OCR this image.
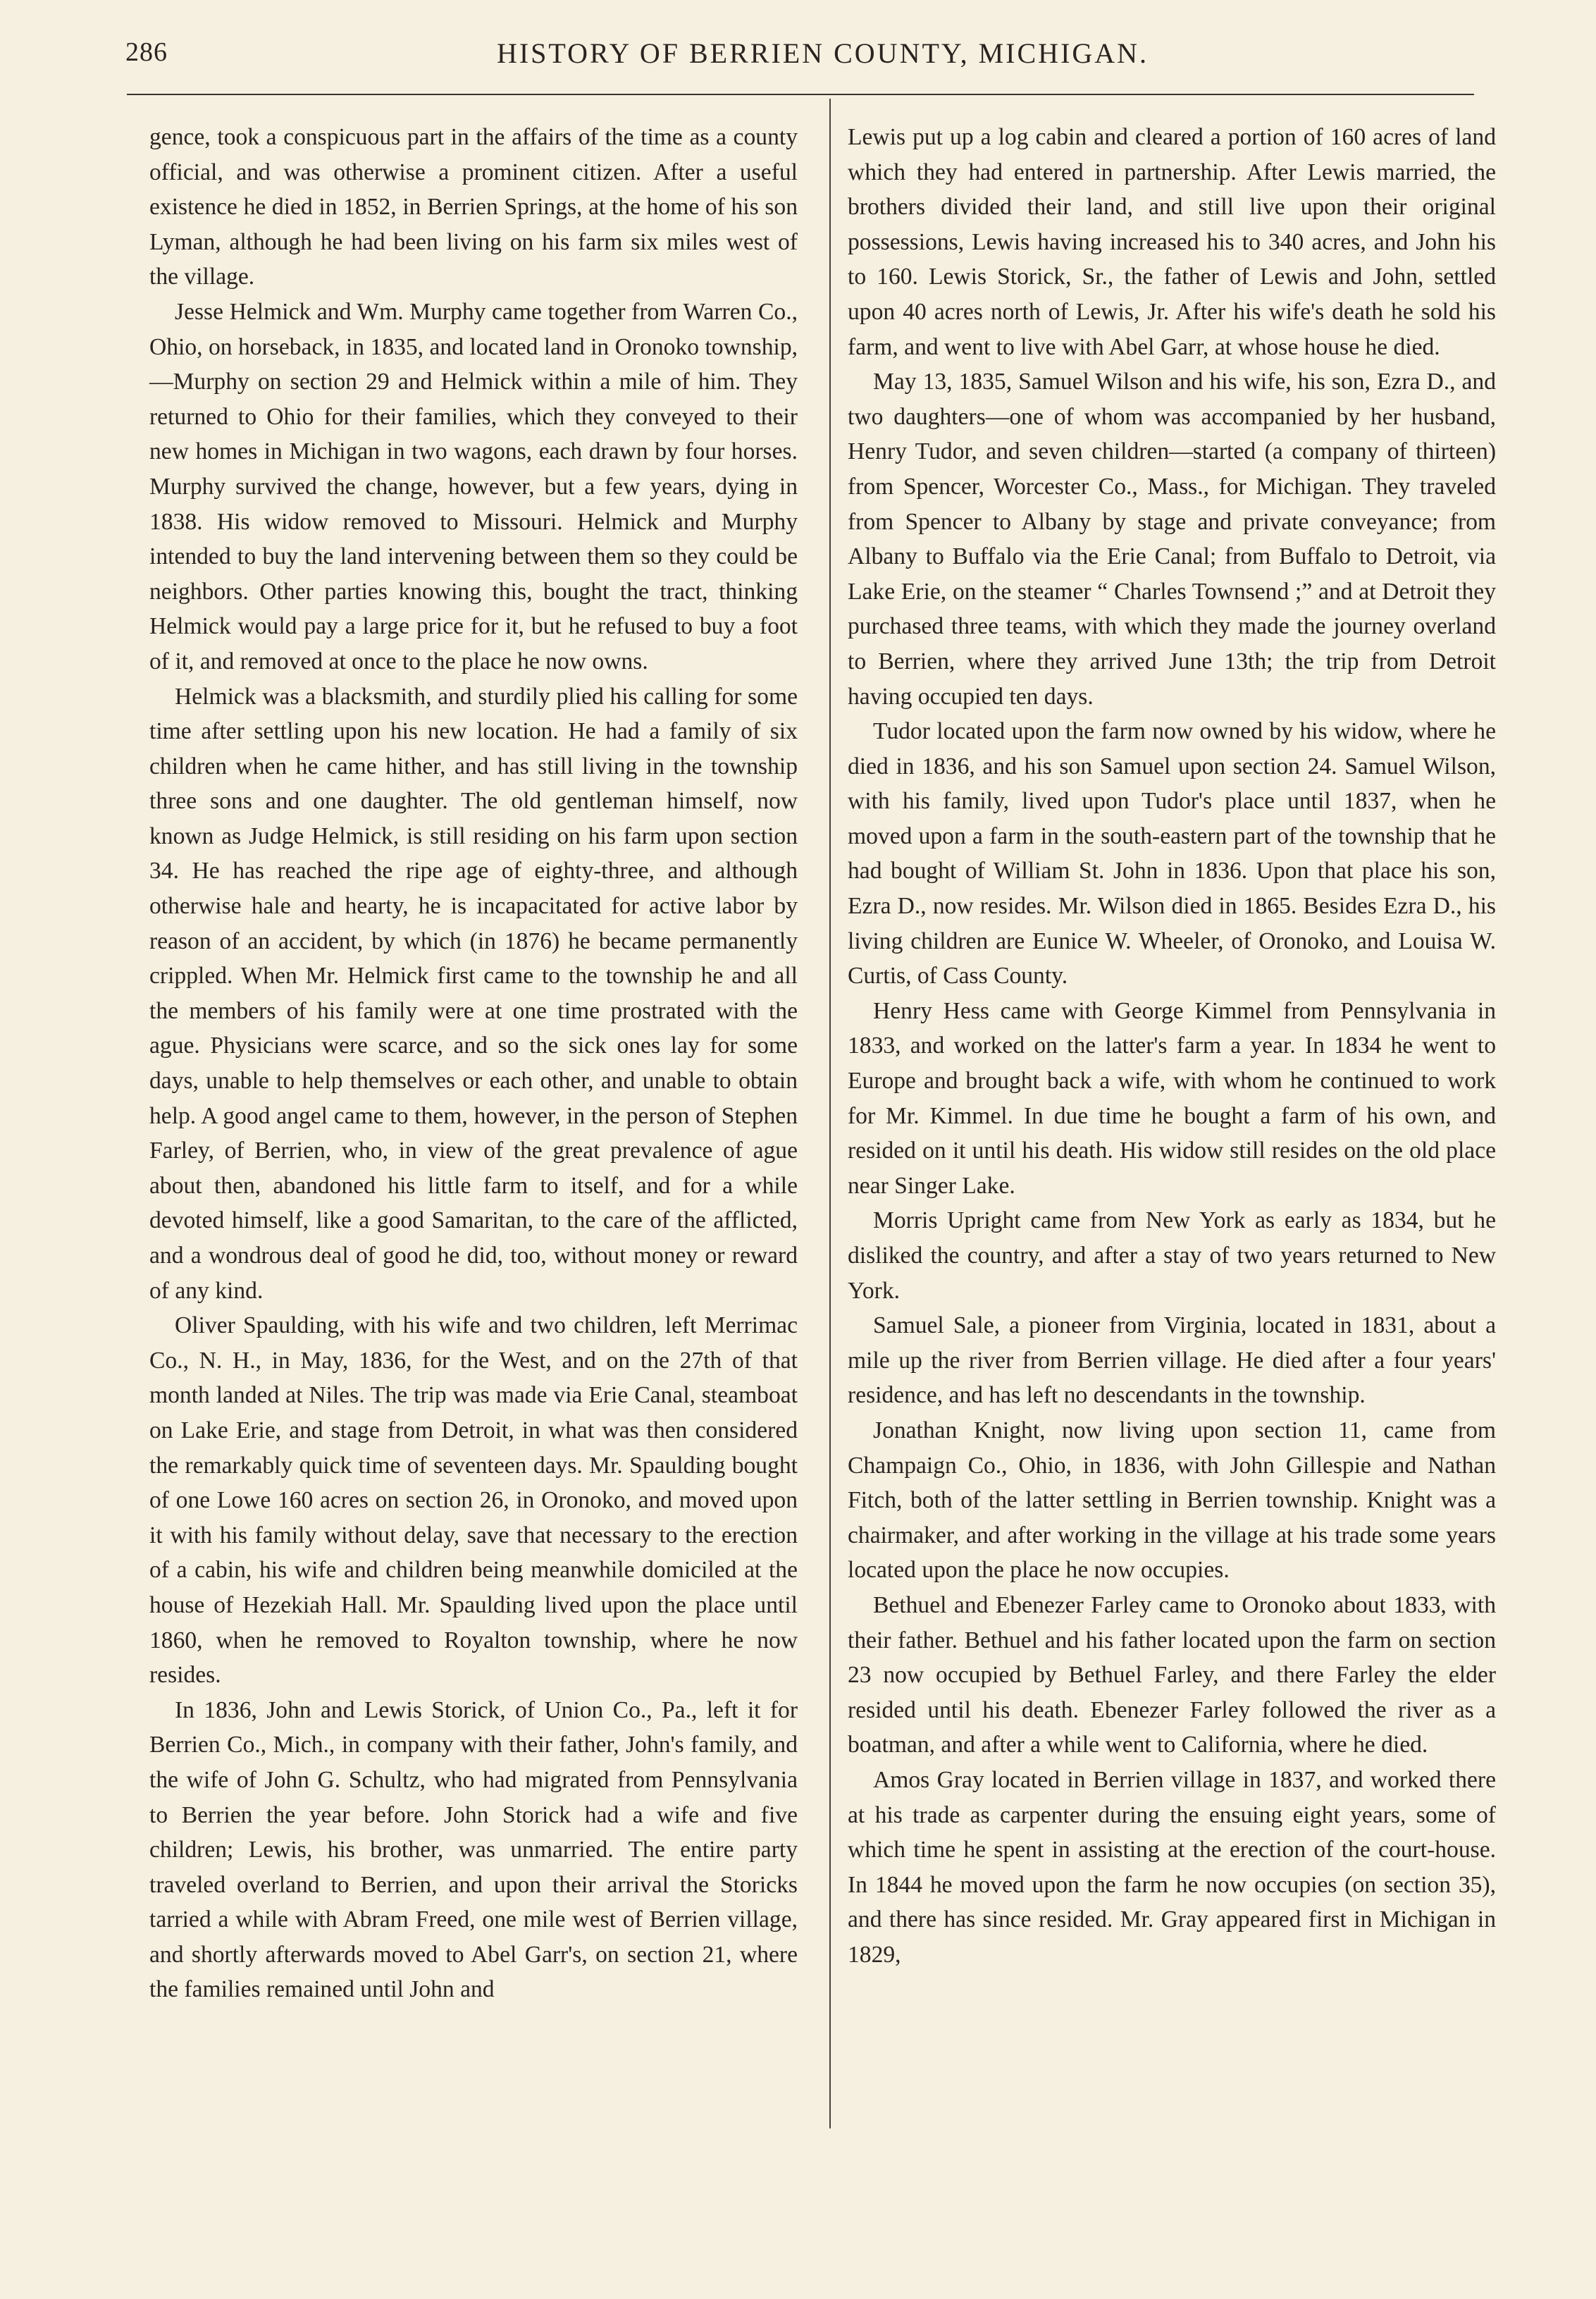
286	HISTORY OF BERRIEN COUNTY, MICHIGAN.

gence, took a conspicuous part in the affairs of the time as a county official, and was otherwise a prominent citizen. After a useful existence he died in 1852, in Berrien Springs, at the home of his son Lyman, although he had been living on his farm six miles west of the village.

Jesse Helmick and Wm. Murphy came together from Warren Co., Ohio, on horseback, in 1835, and located land in Oronoko township,—Murphy on section 29 and Helmick within a mile of him. They returned to Ohio for their families, which they conveyed to their new homes in Michigan in two wagons, each drawn by four horses. Murphy survived the change, however, but a few years, dying in 1838. His widow removed to Missouri. Helmick and Murphy intended to buy the land intervening between them so they could be neighbors. Other parties knowing this, bought the tract, thinking Helmick would pay a large price for it, but he refused to buy a foot of it, and removed at once to the place he now owns.

Helmick was a blacksmith, and sturdily plied his calling for some time after settling upon his new location. He had a family of six children when he came hither, and has still living in the township three sons and one daughter. The old gentleman himself, now known as Judge Helmick, is still residing on his farm upon section 34. He has reached the ripe age of eighty-three, and although otherwise hale and hearty, he is incapacitated for active labor by reason of an accident, by which (in 1876) he became permanently crippled. When Mr. Helmick first came to the township he and all the members of his family were at one time prostrated with the ague. Physicians were scarce, and so the sick ones lay for some days, unable to help themselves or each other, and unable to obtain help. A good angel came to them, however, in the person of Stephen Farley, of Berrien, who, in view of the great prevalence of ague about then, abandoned his little farm to itself, and for a while devoted himself, like a good Samaritan, to the care of the afflicted, and a wondrous deal of good he did, too, without money or reward of any kind.

Oliver Spaulding, with his wife and two children, left Merrimac Co., N. H., in May, 1836, for the West, and on the 27th of that month landed at Niles. The trip was made via Erie Canal, steamboat on Lake Erie, and stage from Detroit, in what was then considered the remarkably quick time of seventeen days. Mr. Spaulding bought of one Lowe 160 acres on section 26, in Oronoko, and moved upon it with his family without delay, save that necessary to the erection of a cabin, his wife and children being meanwhile domiciled at the house of Hezekiah Hall. Mr. Spaulding lived upon the place until 1860, when he removed to Royalton township, where he now resides.

In 1836, John and Lewis Storick, of Union Co., Pa., left it for Berrien Co., Mich., in company with their father, John's family, and the wife of John G. Schultz, who had migrated from Pennsylvania to Berrien the year before. John Storick had a wife and five children; Lewis, his brother, was unmarried. The entire party traveled overland to Berrien, and upon their arrival the Storicks tarried a while with Abram Freed, one mile west of Berrien village, and shortly afterwards moved to Abel Garr's, on section 21, where the families remained until John and

Lewis put up a log cabin and cleared a portion of 160 acres of land which they had entered in partnership. After Lewis married, the brothers divided their land, and still live upon their original possessions, Lewis having increased his to 340 acres, and John his to 160. Lewis Storick, Sr., the father of Lewis and John, settled upon 40 acres north of Lewis, Jr. After his wife's death he sold his farm, and went to live with Abel Garr, at whose house he died.

May 13, 1835, Samuel Wilson and his wife, his son, Ezra D., and two daughters—one of whom was accompanied by her husband, Henry Tudor, and seven children—started (a company of thirteen) from Spencer, Worcester Co., Mass., for Michigan. They traveled from Spencer to Albany by stage and private conveyance; from Albany to Buffalo via the Erie Canal; from Buffalo to Detroit, via Lake Erie, on the steamer “ Charles Townsend ;” and at Detroit they purchased three teams, with which they made the journey overland to Berrien, where they arrived June 13th; the trip from Detroit having occupied ten days.

Tudor located upon the farm now owned by his widow, where he died in 1836, and his son Samuel upon section 24. Samuel Wilson, with his family, lived upon Tudor's place until 1837, when he moved upon a farm in the south-eastern part of the township that he had bought of William St. John in 1836. Upon that place his son, Ezra D., now resides. Mr. Wilson died in 1865. Besides Ezra D., his living children are Eunice W. Wheeler, of Oronoko, and Louisa W. Curtis, of Cass County.

Henry Hess came with George Kimmel from Pennsylvania in 1833, and worked on the latter's farm a year. In 1834 he went to Europe and brought back a wife, with whom he continued to work for Mr. Kimmel. In due time he bought a farm of his own, and resided on it until his death. His widow still resides on the old place near Singer Lake.

Morris Upright came from New York as early as 1834, but he disliked the country, and after a stay of two years returned to New York.

Samuel Sale, a pioneer from Virginia, located in 1831, about a mile up the river from Berrien village. He died after a four years' residence, and has left no descendants in the township.

Jonathan Knight, now living upon section 11, came from Champaign Co., Ohio, in 1836, with John Gillespie and Nathan Fitch, both of the latter settling in Berrien township. Knight was a chairmaker, and after working in the village at his trade some years located upon the place he now occupies.

Bethuel and Ebenezer Farley came to Oronoko about 1833, with their father. Bethuel and his father located upon the farm on section 23 now occupied by Bethuel Farley, and there Farley the elder resided until his death. Ebenezer Farley followed the river as a boatman, and after a while went to California, where he died.

Amos Gray located in Berrien village in 1837, and worked there at his trade as carpenter during the ensuing eight years, some of which time he spent in assisting at the erection of the court-house. In 1844 he moved upon the farm he now occupies (on section 35), and there has since resided. Mr. Gray appeared first in Michigan in 1829,
